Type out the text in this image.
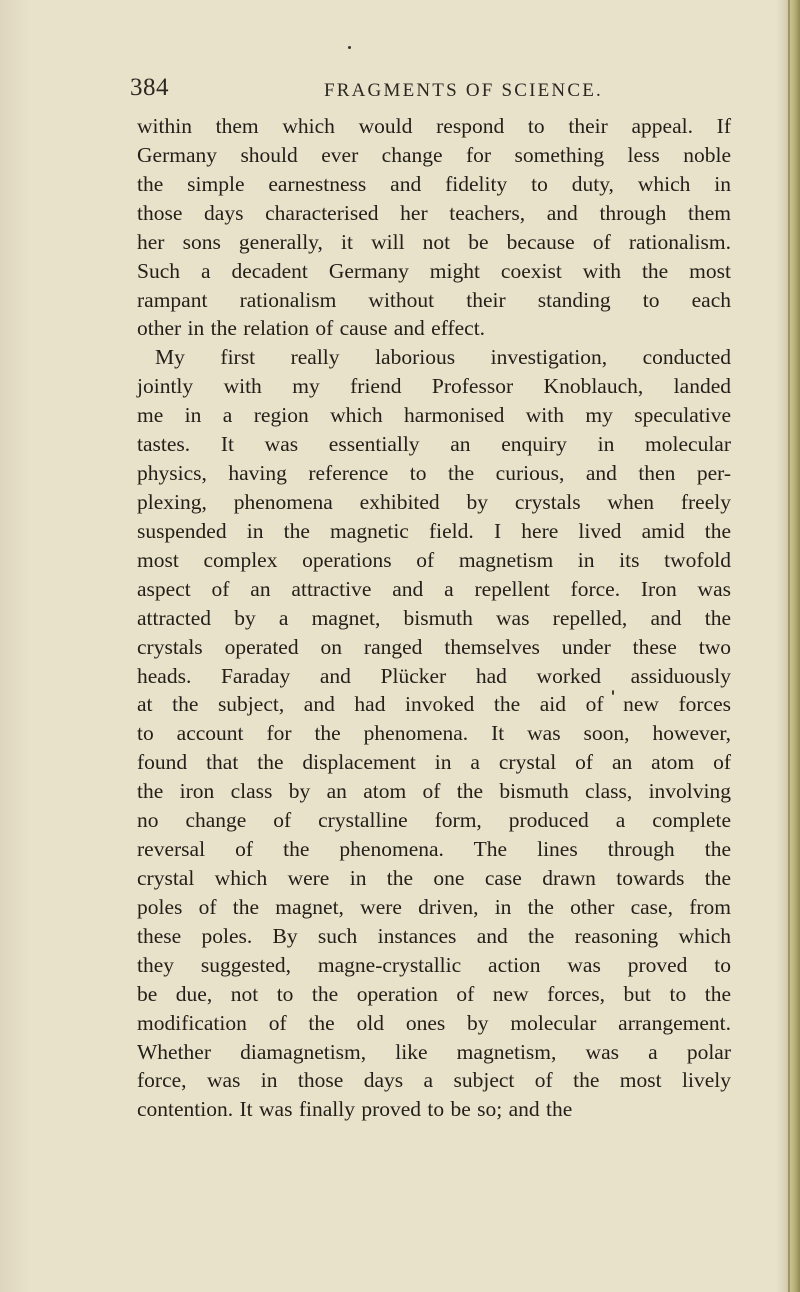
384	FRAGMENTS OF SCIENCE.
within them which would respond to their appeal. If
Germany should ever change for something less noble
the simple earnestness and fidelity to duty, which in
those days characterised her teachers, and through them
her sons generally, it will not be because of rationalism.
Such a decadent Germany might coexist with the most
rampant rationalism without their standing to each
other in the relation of cause and effect.
My first really laborious investigation, conducted
jointly with my friend Professor Knoblauch, landed
me in a region which harmonised with my speculative
tastes. It was essentially an enquiry in molecular
physics, having reference to the curious, and then per-
plexing, phenomena exhibited by crystals when freely
suspended in the magnetic field. I here lived amid the
most complex operations of magnetism in its twofold
aspect of an attractive and a repellent force. Iron was
attracted by a magnet, bismuth was repelled, and the
crystals operated on ranged themselves under these two
heads. Faraday and Plücker had worked assiduously
at the subject, and had invoked the aid of new forces
to account for the phenomena. It was soon, however,
found that the displacement in a crystal of an atom of
the iron class by an atom of the bismuth class, involving
no change of crystalline form, produced a complete
reversal of the phenomena. The lines through the
crystal which were in the one case drawn towards the
poles of the magnet, were driven, in the other case, from
these poles. By such instances and the reasoning which
they suggested, magne-crystallic action was proved to
be due, not to the operation of new forces, but to the
modification of the old ones by molecular arrangement.
Whether diamagnetism, like magnetism, was a polar
force, was in those days a subject of the most lively
contention. It was finally proved to be so; and the
